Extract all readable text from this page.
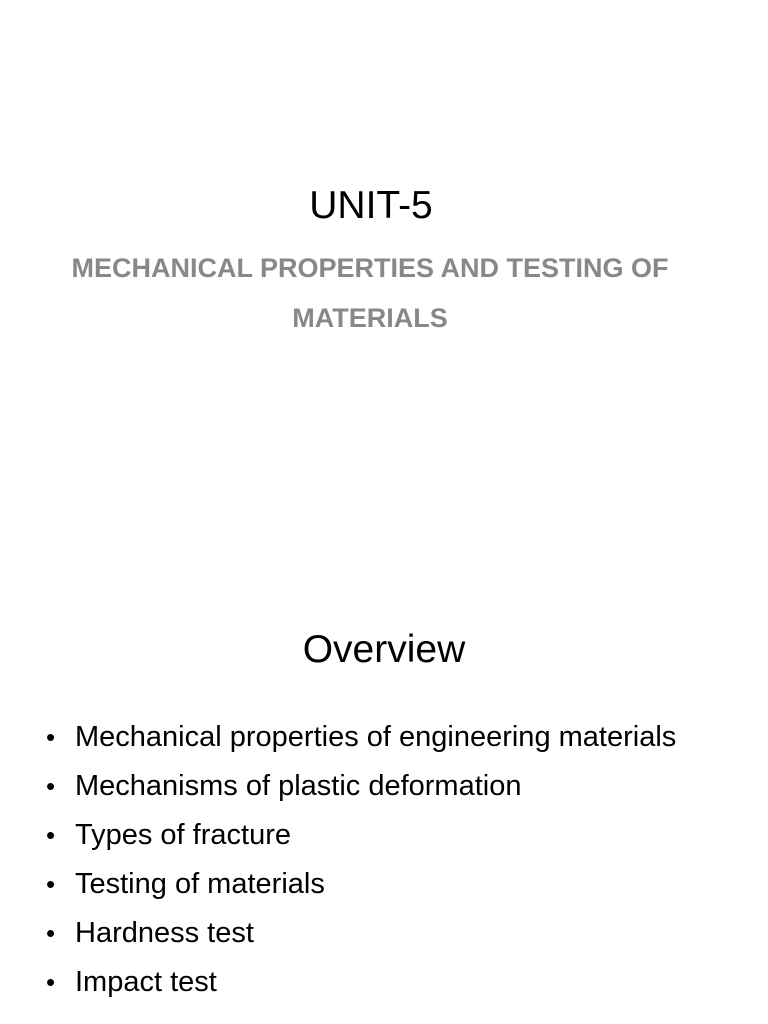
UNIT-5
MECHANICAL PROPERTIES AND TESTING OF MATERIALS
Overview
• Mechanical properties of engineering materials
• Mechanisms of plastic deformation
• Types of fracture
• Testing of materials
• Hardness test
• Impact test
